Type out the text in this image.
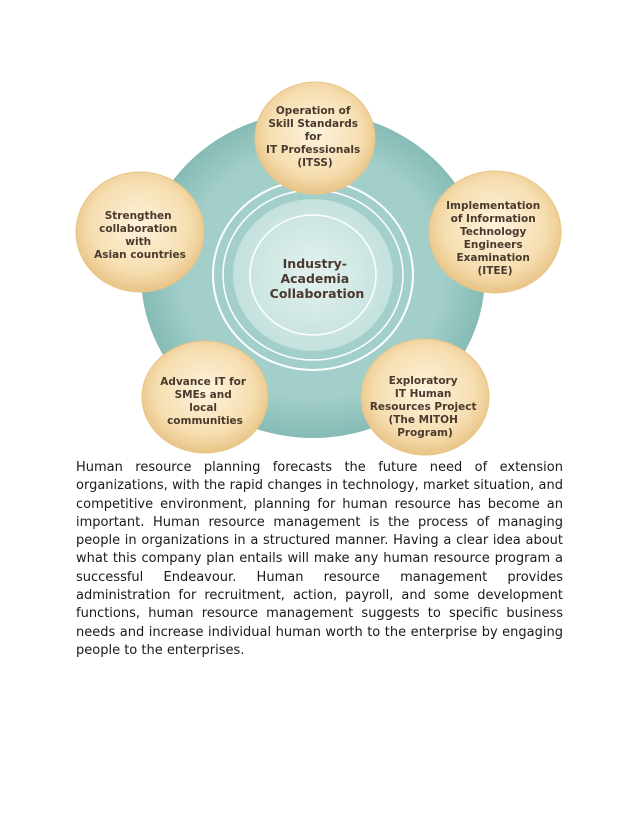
Industry- Academia Collaboration
Operation of Skill Standards for IT Professionals (ITSS)
Implementation of Information Technology Engineers Examination (ITEE)
Exploratory IT Human Resources Project (The MITOH Program)
Advance IT for SMEs and local communities
Strengthen collaboration with Asian countries

Human resource planning forecasts the future need of extension organizations, with the rapid changes in technology, market situation, and competitive environment, planning for human resource has become an important. Human resource management is the process of managing people in organizations in a structured manner. Having a clear idea about what this company plan entails will make any human resource program a successful Endeavour. Human resource management provides administration for recruitment, action, payroll, and some development functions, human resource management suggests to specific business needs and increase individual human worth to the enterprise by engaging people to the enterprises.
